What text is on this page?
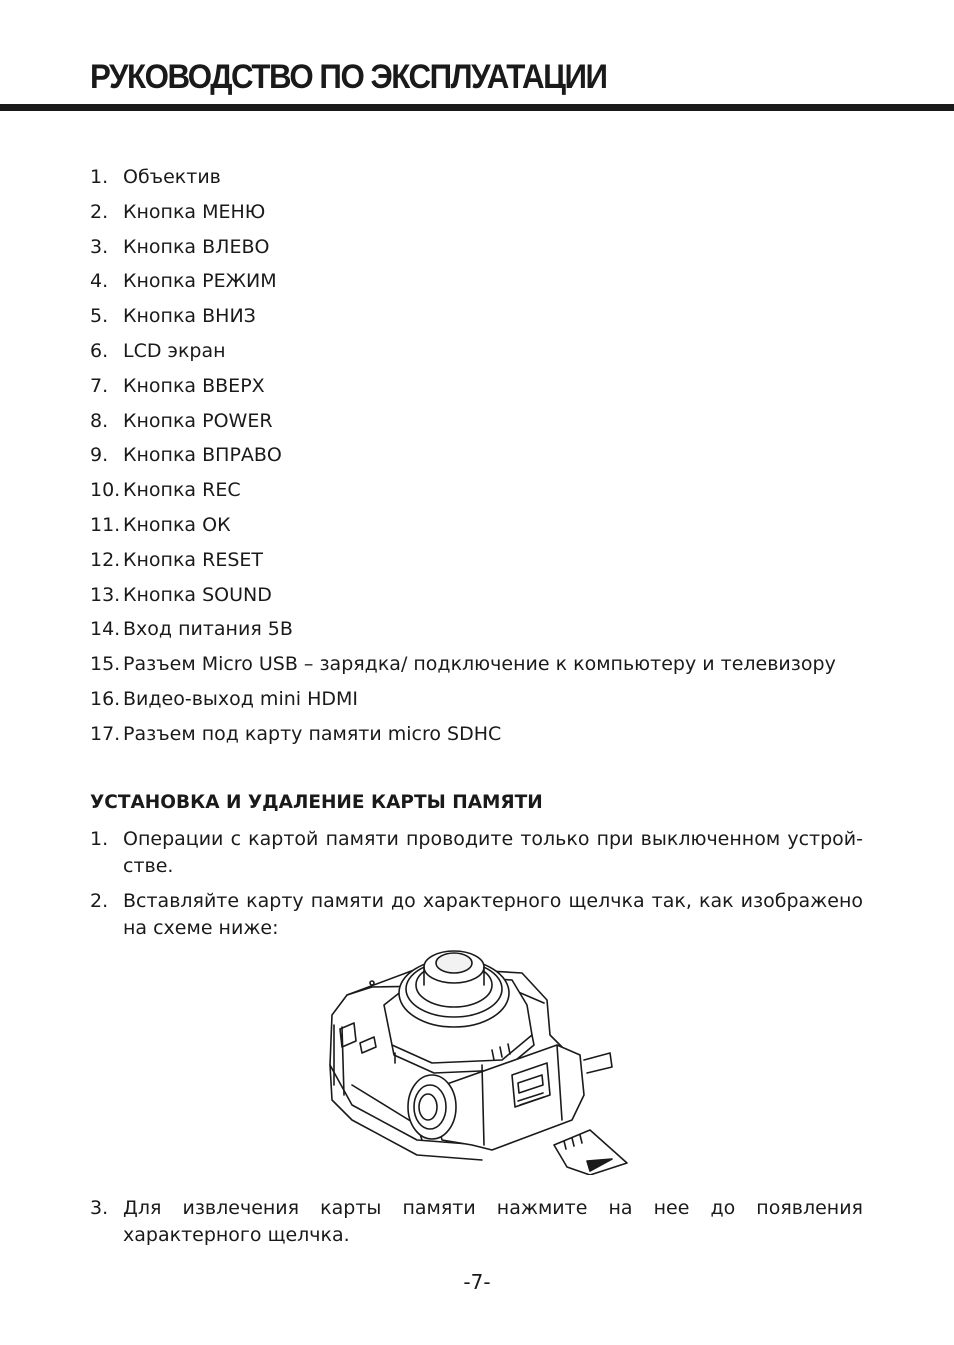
РУКОВОДСТВО ПО ЭКСПЛУАТАЦИИ
1. Объектив
2. Кнопка МЕНЮ
3. Кнопка ВЛЕВО
4. Кнопка РЕЖИМ
5. Кнопка ВНИЗ
6. LCD экран
7. Кнопка ВВЕРХ
8. Кнопка POWER
9. Кнопка ВПРАВО
10. Кнопка REC
11. Кнопка ОК
12. Кнопка RESET
13. Кнопка SOUND
14. Вход питания 5В
15. Разъем Micro USB – зарядка/ подключение к компьютеру и телевизору
16. Видео-выход mini HDMI
17. Разъем под карту памяти micro SDHC
УСТАНОВКА И УДАЛЕНИЕ КАРТЫ ПАМЯТИ
1. Операции с картой памяти проводите только при выключенном устрой-стве.
2. Вставляйте карту памяти до характерного щелчка так, как изображено на схеме ниже:
3. Для извлечения карты памяти нажмите на нее до появления характерного щелчка.
-7-
